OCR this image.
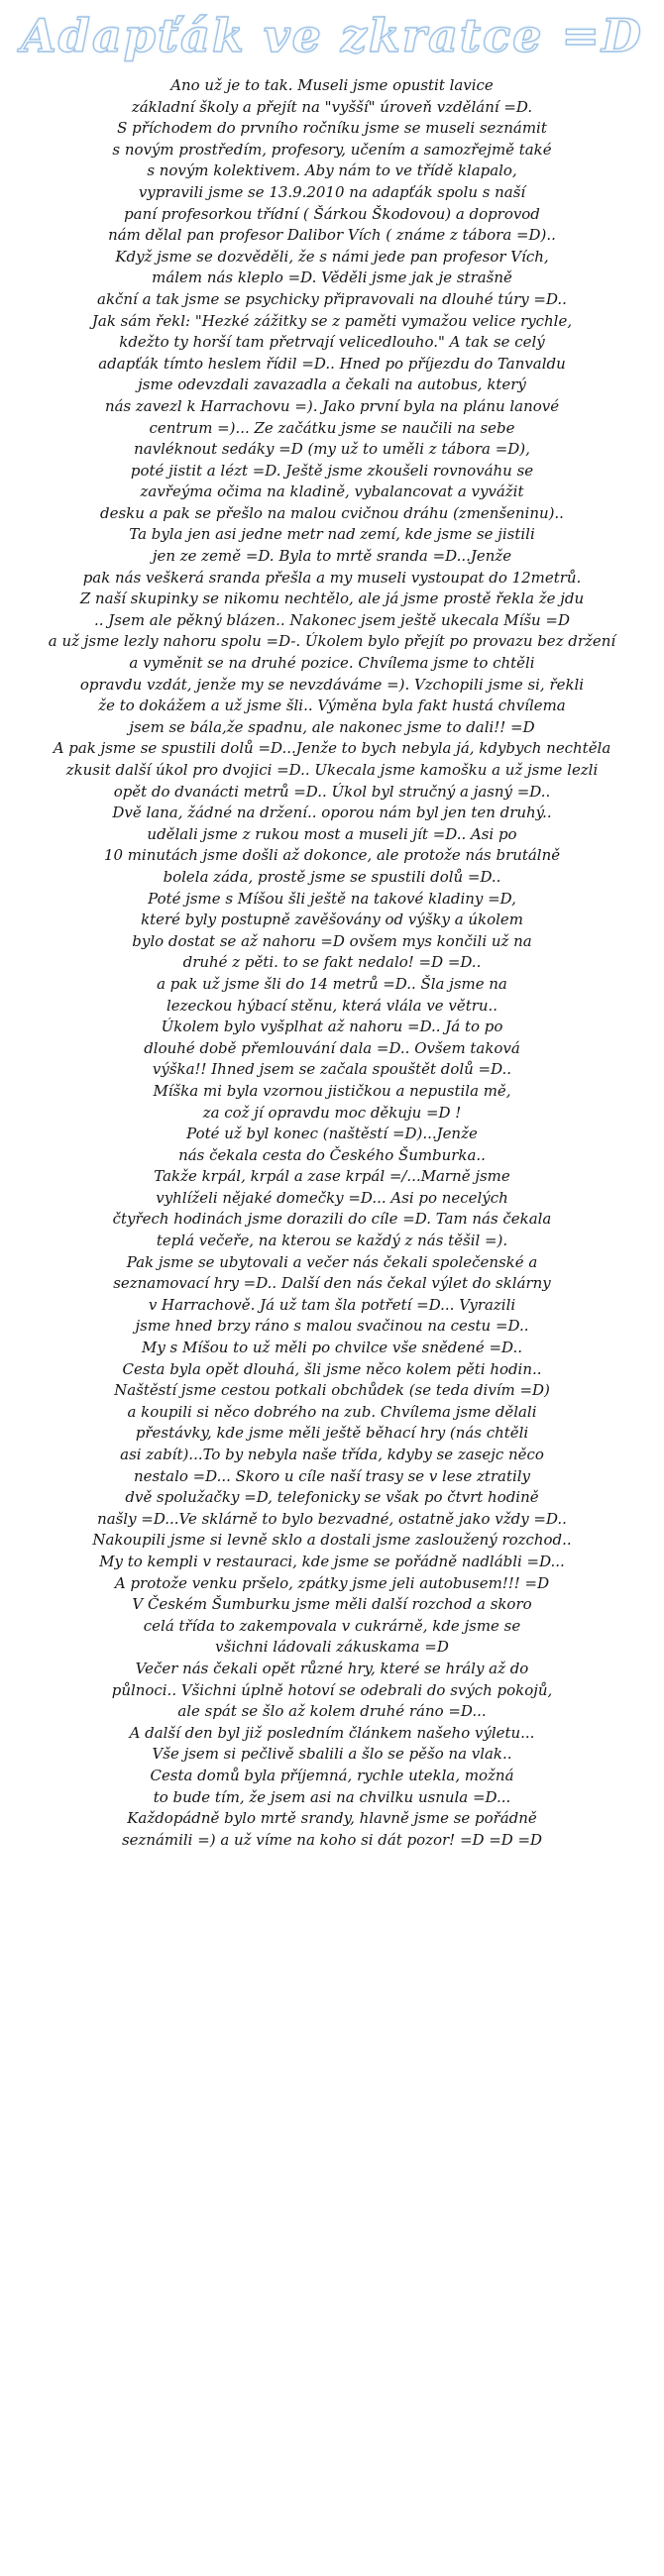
Adapťák ve zkratce =D
Ano už je to tak. Museli jsme opustit lavice
základní školy a přejít na "vyšší" úroveň vzdělání =D.
S příchodem do prvního ročníku jsme se museli seznámit
s novým prostředím, profesory, učením a samozřejmě také
s novým kolektivem. Aby nám to ve třídě klapalo,
vypravili jsme se 13.9.2010 na adapťák spolu s naší
paní profesorkou třídní ( Šárkou Škodovou) a doprovod
nám dělal pan profesor Dalibor Vích ( známe z tábora =D)..
Když jsme se dozvěděli, že s námi jede pan profesor Vích,
málem nás kleplo =D. Věděli jsme jak je strašně
akční a tak jsme se psychicky připravovali na dlouhé túry =D..
Jak sám řekl: "Hezké zážitky se z paměti vymažou velice rychle,
kdežto ty horší tam přetrvají velicedlouho." A tak se celý
adapťák tímto heslem řídil =D.. Hned po příjezdu do Tanvaldu
jsme odevzdali zavazadla a čekali na autobus, který
nás zavezl k Harrachovu =). Jako první byla na plánu lanové
centrum =)... Ze začátku jsme se naučili na sebe
navléknout sedáky =D (my už to uměli z tábora =D),
poté jistit a lézt =D. Ještě jsme zkoušeli rovnováhu se
zavřeýma očima na kladině, vybalancovat a vyvážit
desku a pak se přešlo na malou cvičnou dráhu (zmenšeninu)..
Ta byla jen asi jedne metr nad zemí, kde jsme se jistili
jen ze země =D. Byla to mrtě sranda =D...Jenže
pak nás veškerá sranda přešla a my museli vystoupat do 12metrů.
Z naší skupinky se nikomu nechtělo, ale já jsme prostě řekla že jdu
.. Jsem ale pěkný blázen.. Nakonec jsem ještě ukecala Míšu =D
a už jsme lezly nahoru spolu =D-. Úkolem bylo přejít po provazu bez držení
a vyměnit se na druhé pozice. Chvílema jsme to chtěli
opravdu vzdát, jenže my se nevzdáváme =). Vzchopili jsme si, řekli
že to dokážem a už jsme šli.. Výměna byla fakt hustá chvílema
jsem se bála,že spadnu, ale nakonec jsme to dali!! =D
A pak jsme se spustili dolů =D...Jenže to bych nebyla já, kdybych nechtěla
zkusit další úkol pro dvojici =D.. Ukecala jsme kamošku a už jsme lezli
opět do dvanácti metrů =D.. Úkol byl stručný a jasný =D..
Dvě lana, žádné na držení.. oporou nám byl jen ten druhý..
udělali jsme z rukou most a museli jít =D.. Asi po
10 minutách jsme došli až dokonce, ale protože nás brutálně
bolela záda, prostě jsme se spustili dolů =D..
Poté jsme s Míšou šli ještě na takové kladiny =D,
které byly postupně zavěšovány od výšky a úkolem
bylo dostat se až nahoru =D ovšem mys končili už na
druhé z pěti. to se fakt nedalo! =D =D..
a pak už jsme šli do 14 metrů =D.. Šla jsme na
lezeckou hýbací stěnu, která vlála ve větru..
Úkolem bylo vyšplhat až nahoru =D.. Já to po
dlouhé době přemlouvání dala =D.. Ovšem taková
výška!! Ihned jsem se začala spouštět dolů =D..
Míška mi byla vzornou jističkou a nepustila mě,
za což jí opravdu moc děkuju =D !
Poté už byl konec (naštěstí =D)...Jenže
nás čekala cesta do Českého Šumburka..
Takže krpál, krpál a zase krpál =/...Marně jsme
vyhlíželi nějaké domečky =D... Asi po necelých
čtyřech hodinách jsme dorazili do cíle =D. Tam nás čekala
teplá večeře, na kterou se každý z nás těšil =).
Pak jsme se ubytovali a večer nás čekali společenské a
seznamovací hry =D.. Další den nás čekal výlet do sklárny
v Harrachově. Já už tam šla potřetí =D... Vyrazili
jsme hned brzy ráno s malou svačinou na cestu =D..
My s Míšou to už měli po chvilce vše snědené =D..
Cesta byla opět dlouhá, šli jsme něco kolem pěti hodin..
Naštěstí jsme cestou potkali obchůdek (se teda divím =D)
a koupili si něco dobrého na zub. Chvílema jsme dělali
přestávky, kde jsme měli ještě běhací hry (nás chtěli
asi zabít)...To by nebyla naše třída, kdyby se zasejc něco
nestalo =D... Skoro u cíle naší trasy se v lese ztratily
dvě spolužačky =D, telefonicky se však po čtvrt hodině
našly =D...Ve sklárně to bylo bezvadné, ostatně jako vždy =D..
Nakoupili jsme si levně sklo a dostali jsme zasloužený rozchod..
My to kempli v restauraci, kde jsme se pořádně nadlábli =D...
A protože venku pršelo, zpátky jsme jeli autobusem!!! =D
V Českém Šumburku jsme měli další rozchod a skoro
celá třída to zakempovala v cukrárně, kde jsme se
všichni ládovali zákuskama =D
Večer nás čekali opět různé hry, které se hrály až do
půlnoci.. Všichni úplně hotoví se odebrali do svých pokojů,
ale spát se šlo až kolem druhé ráno =D...
A další den byl již posledním článkem našeho výletu...
Vše jsem si pečlivě sbalili a šlo se pěšo na vlak..
Cesta domů byla příjemná, rychle utekla, možná
to bude tím, že jsem asi na chvilku usnula =D...
Každopádně bylo mrtě srandy, hlavně jsme se pořádně
seznámili =) a už víme na koho si dát pozor! =D =D =D
